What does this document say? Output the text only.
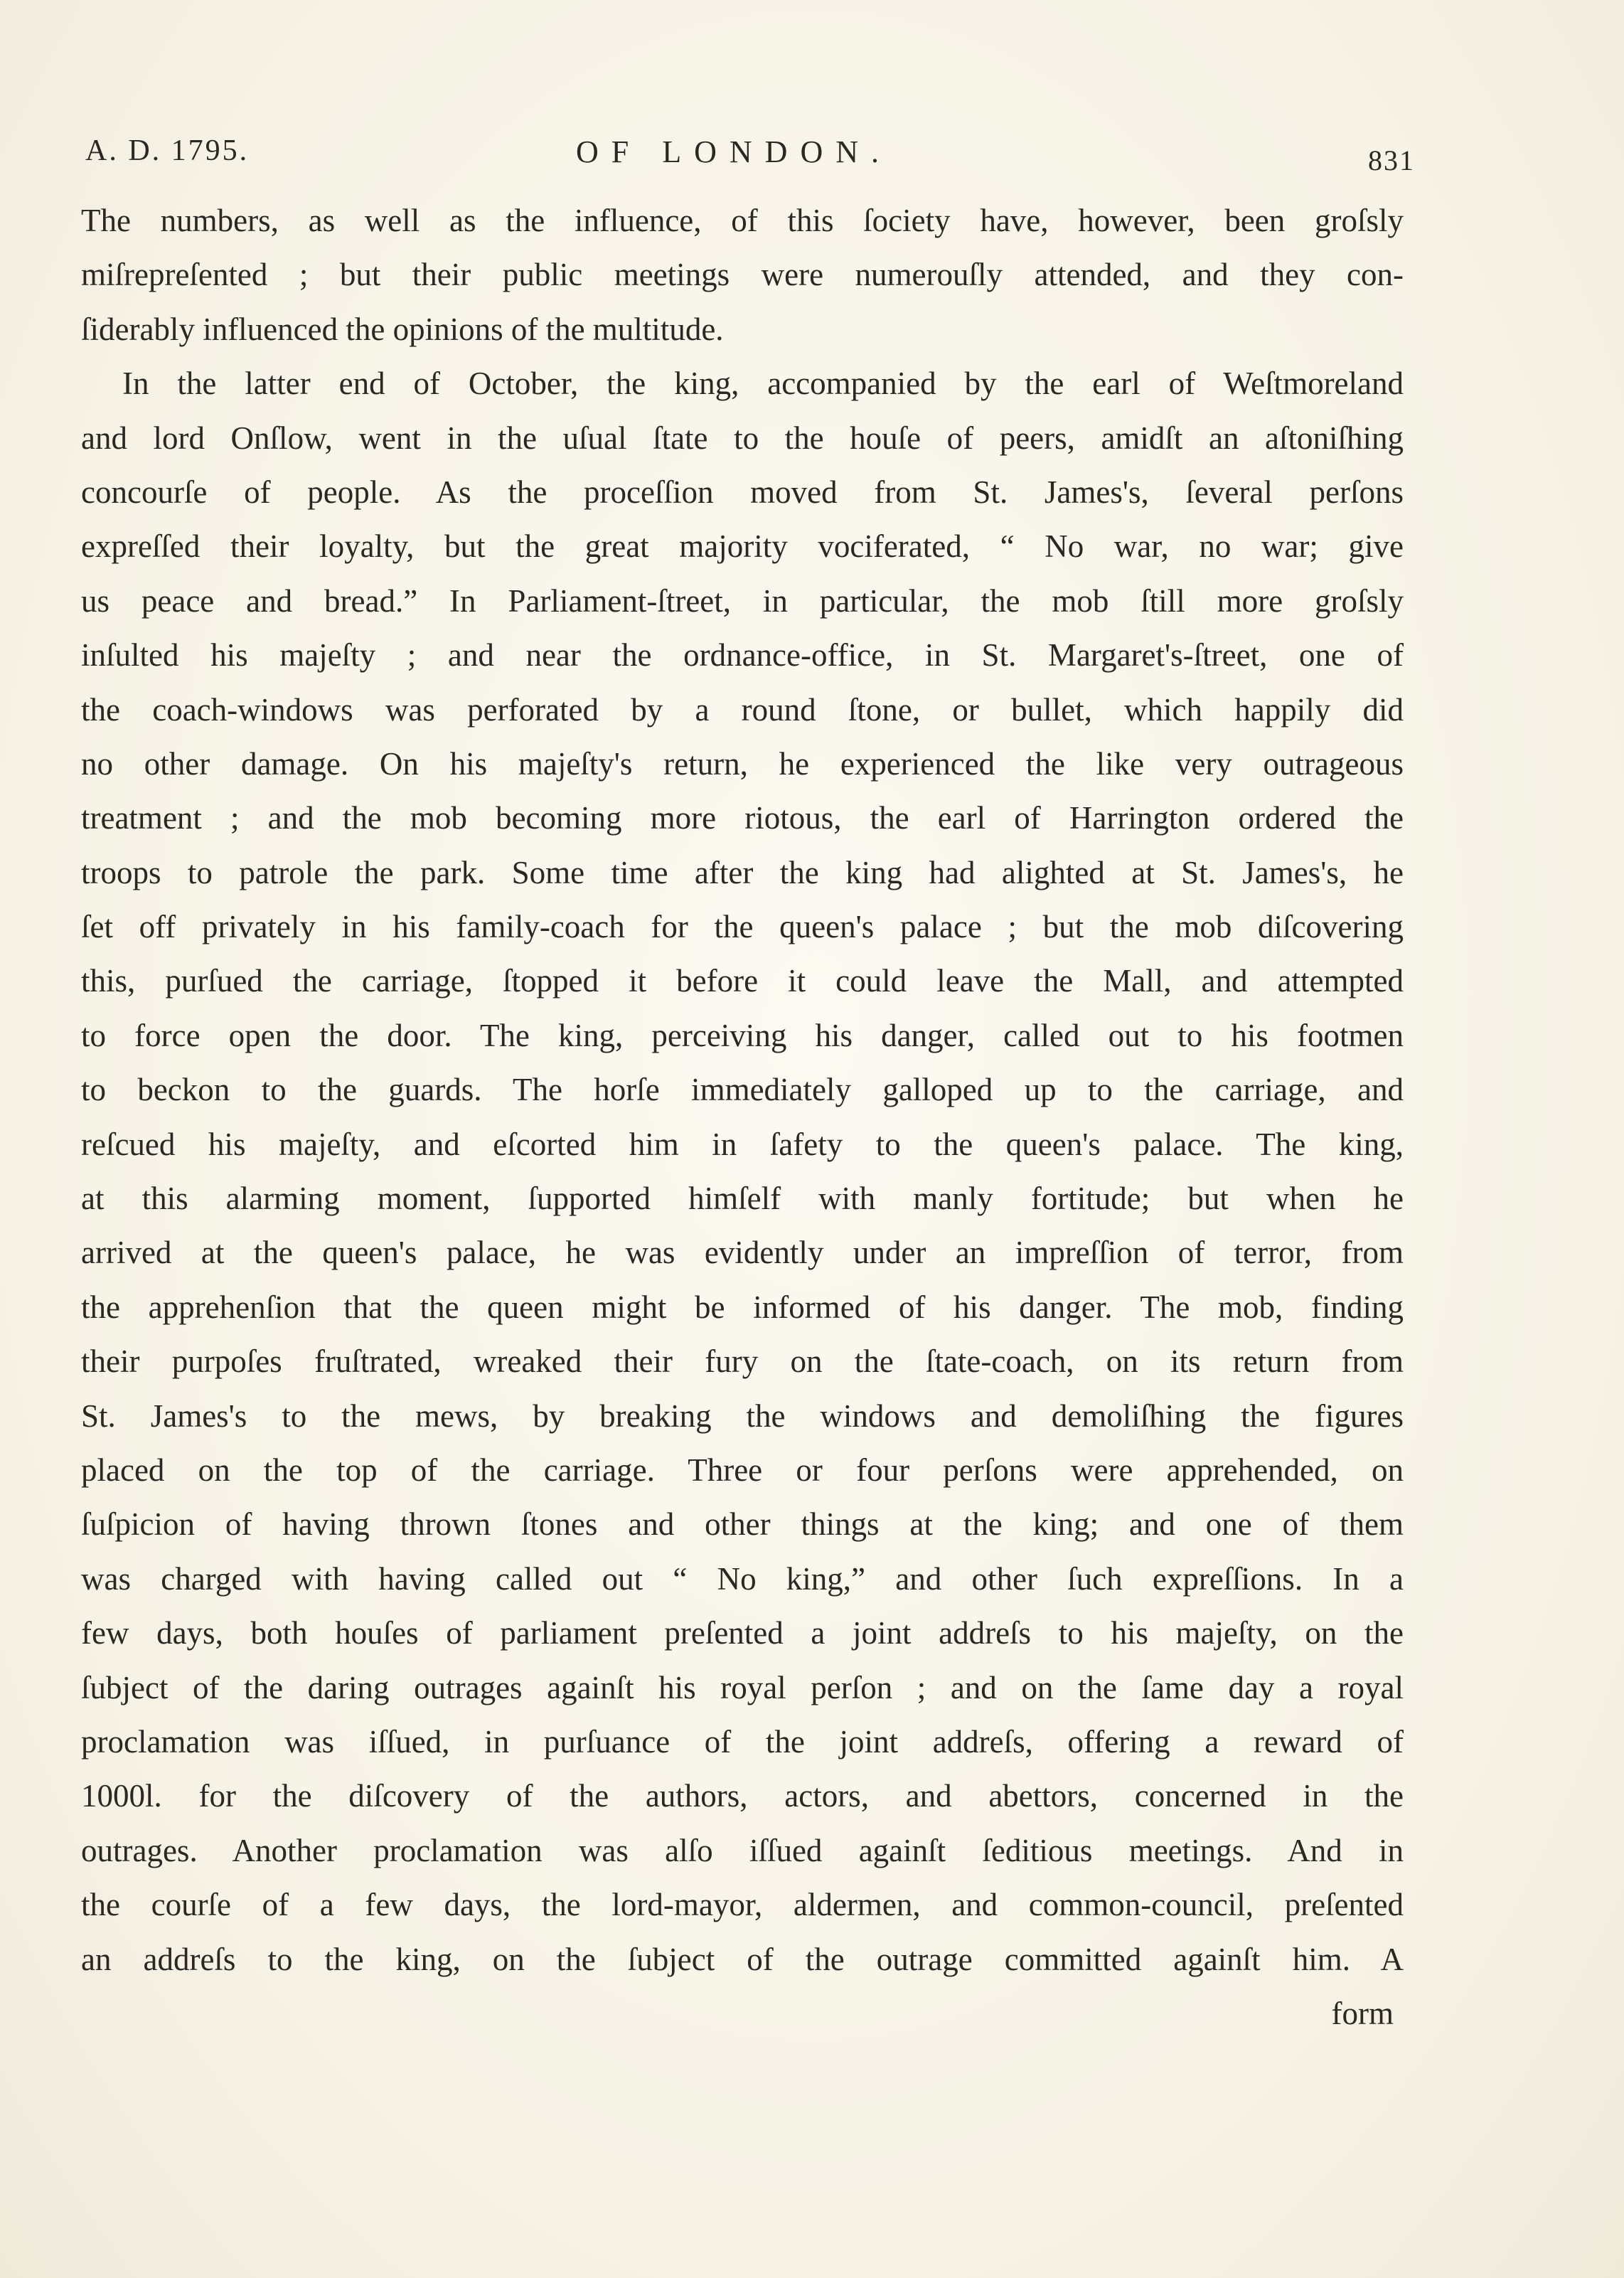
A. D. 1795.	OF LONDON.	831
The numbers, as well as the influence, of this ſociety have, however, been groſsly
miſrepreſented ; but their public meetings were numerouſly attended, and they con-
ſiderably influenced the opinions of the multitude.
In the latter end of October, the king, accompanied by the earl of Weſtmoreland
and lord Onſlow, went in the uſual ſtate to the houſe of peers, amidſt an aſtoniſhing
concourſe of people. As the proceſſion moved from St. James's, ſeveral perſons
expreſſed their loyalty, but the great majority vociferated, “ No war, no war; give
us peace and bread.” In Parliament-ſtreet, in particular, the mob ſtill more groſsly
inſulted his majeſty ; and near the ordnance-office, in St. Margaret's-ſtreet, one of
the coach-windows was perforated by a round ſtone, or bullet, which happily did
no other damage. On his majeſty's return, he experienced the like very outrageous
treatment ; and the mob becoming more riotous, the earl of Harrington ordered the
troops to patrole the park. Some time after the king had alighted at St. James's, he
ſet off privately in his family-coach for the queen's palace ; but the mob diſcovering
this, purſued the carriage, ſtopped it before it could leave the Mall, and attempted
to force open the door. The king, perceiving his danger, called out to his footmen
to beckon to the guards. The horſe immediately galloped up to the carriage, and
reſcued his majeſty, and eſcorted him in ſafety to the queen's palace. The king,
at this alarming moment, ſupported himſelf with manly fortitude; but when he
arrived at the queen's palace, he was evidently under an impreſſion of terror, from
the apprehenſion that the queen might be informed of his danger. The mob, finding
their purpoſes fruſtrated, wreaked their fury on the ſtate-coach, on its return from
St. James's to the mews, by breaking the windows and demoliſhing the figures
placed on the top of the carriage. Three or four perſons were apprehended, on
ſuſpicion of having thrown ſtones and other things at the king; and one of them
was charged with having called out “ No king,” and other ſuch expreſſions. In a
few days, both houſes of parliament preſented a joint addreſs to his majeſty, on the
ſubject of the daring outrages againſt his royal perſon ; and on the ſame day a royal
proclamation was iſſued, in purſuance of the joint addreſs, offering a reward of
1000l. for the diſcovery of the authors, actors, and abettors, concerned in the
outrages. Another proclamation was alſo iſſued againſt ſeditious meetings. And in
the courſe of a few days, the lord-mayor, aldermen, and common-council, preſented
an addreſs to the king, on the ſubject of the outrage committed againſt him. A
form
